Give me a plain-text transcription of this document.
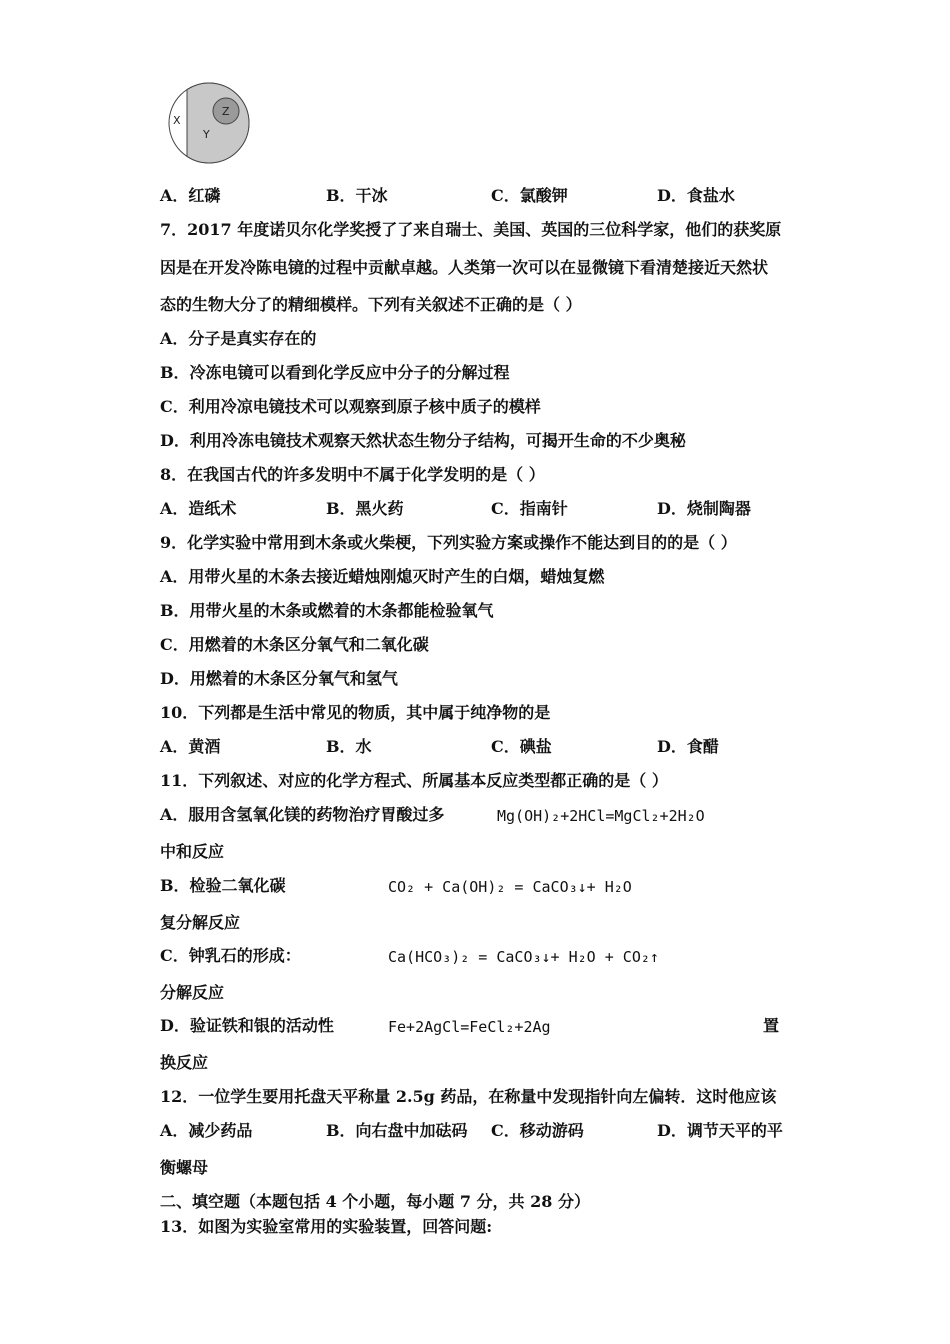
X
Y
Z
A．红磷	B．干冰	C．氯酸钾	D．食盐水
7．2017 年度诺贝尔化学奖授了了来自瑞士、美国、英国的三位科学家，他们的获奖原
因是在开发冷陈电镜的过程中贡献卓越。人类第一次可以在显微镜下看清楚接近天然状
态的生物大分了的精细模样。下列有关叙述不正确的是（ ）
A．分子是真实存在的
B．冷冻电镜可以看到化学反应中分子的分解过程
C．利用冷凉电镜技术可以观察到原子核中质子的模样
D．利用冷冻电镜技术观察天然状态生物分子结构，可揭开生命的不少奥秘
8．在我国古代的许多发明中不属于化学发明的是（ ）
A．造纸术	B．黑火药	C．指南针	D．烧制陶器
9．化学实验中常用到木条或火柴梗，下列实验方案或操作不能达到目的的是（ ）
A．用带火星的木条去接近蜡烛刚熄灭时产生的白烟，蜡烛复燃
B．用带火星的木条或燃着的木条都能检验氧气
C．用燃着的木条区分氧气和二氧化碳
D．用燃着的木条区分氧气和氢气
10．下列都是生活中常见的物质，其中属于纯净物的是
A．黄酒	B．水	C．碘盐	D．食醋
11．下列叙述、对应的化学方程式、所属基本反应类型都正确的是（ ）
A．服用含氢氧化镁的药物治疗胃酸过多	Mg(OH)₂+2HCl=MgCl₂+2H₂O
中和反应
B．检验二氧化碳	CO₂ + Ca(OH)₂ = CaCO₃↓+ H₂O
复分解反应
C．钟乳石的形成：	Ca(HCO₃)₂ = CaCO₃↓+ H₂O + CO₂↑
分解反应
D．验证铁和银的活动性	Fe+2AgCl=FeCl₂+2Ag	置
换反应
12．一位学生要用托盘天平称量 2.5g 药品，在称量中发现指针向左偏转．这时他应该
A．减少药品	B．向右盘中加砝码 C．移动游码	D．调节天平的平
衡螺母
二、填空题（本题包括 4 个小题，每小题 7 分，共 28 分）
13．如图为实验室常用的实验装置，回答问题:
